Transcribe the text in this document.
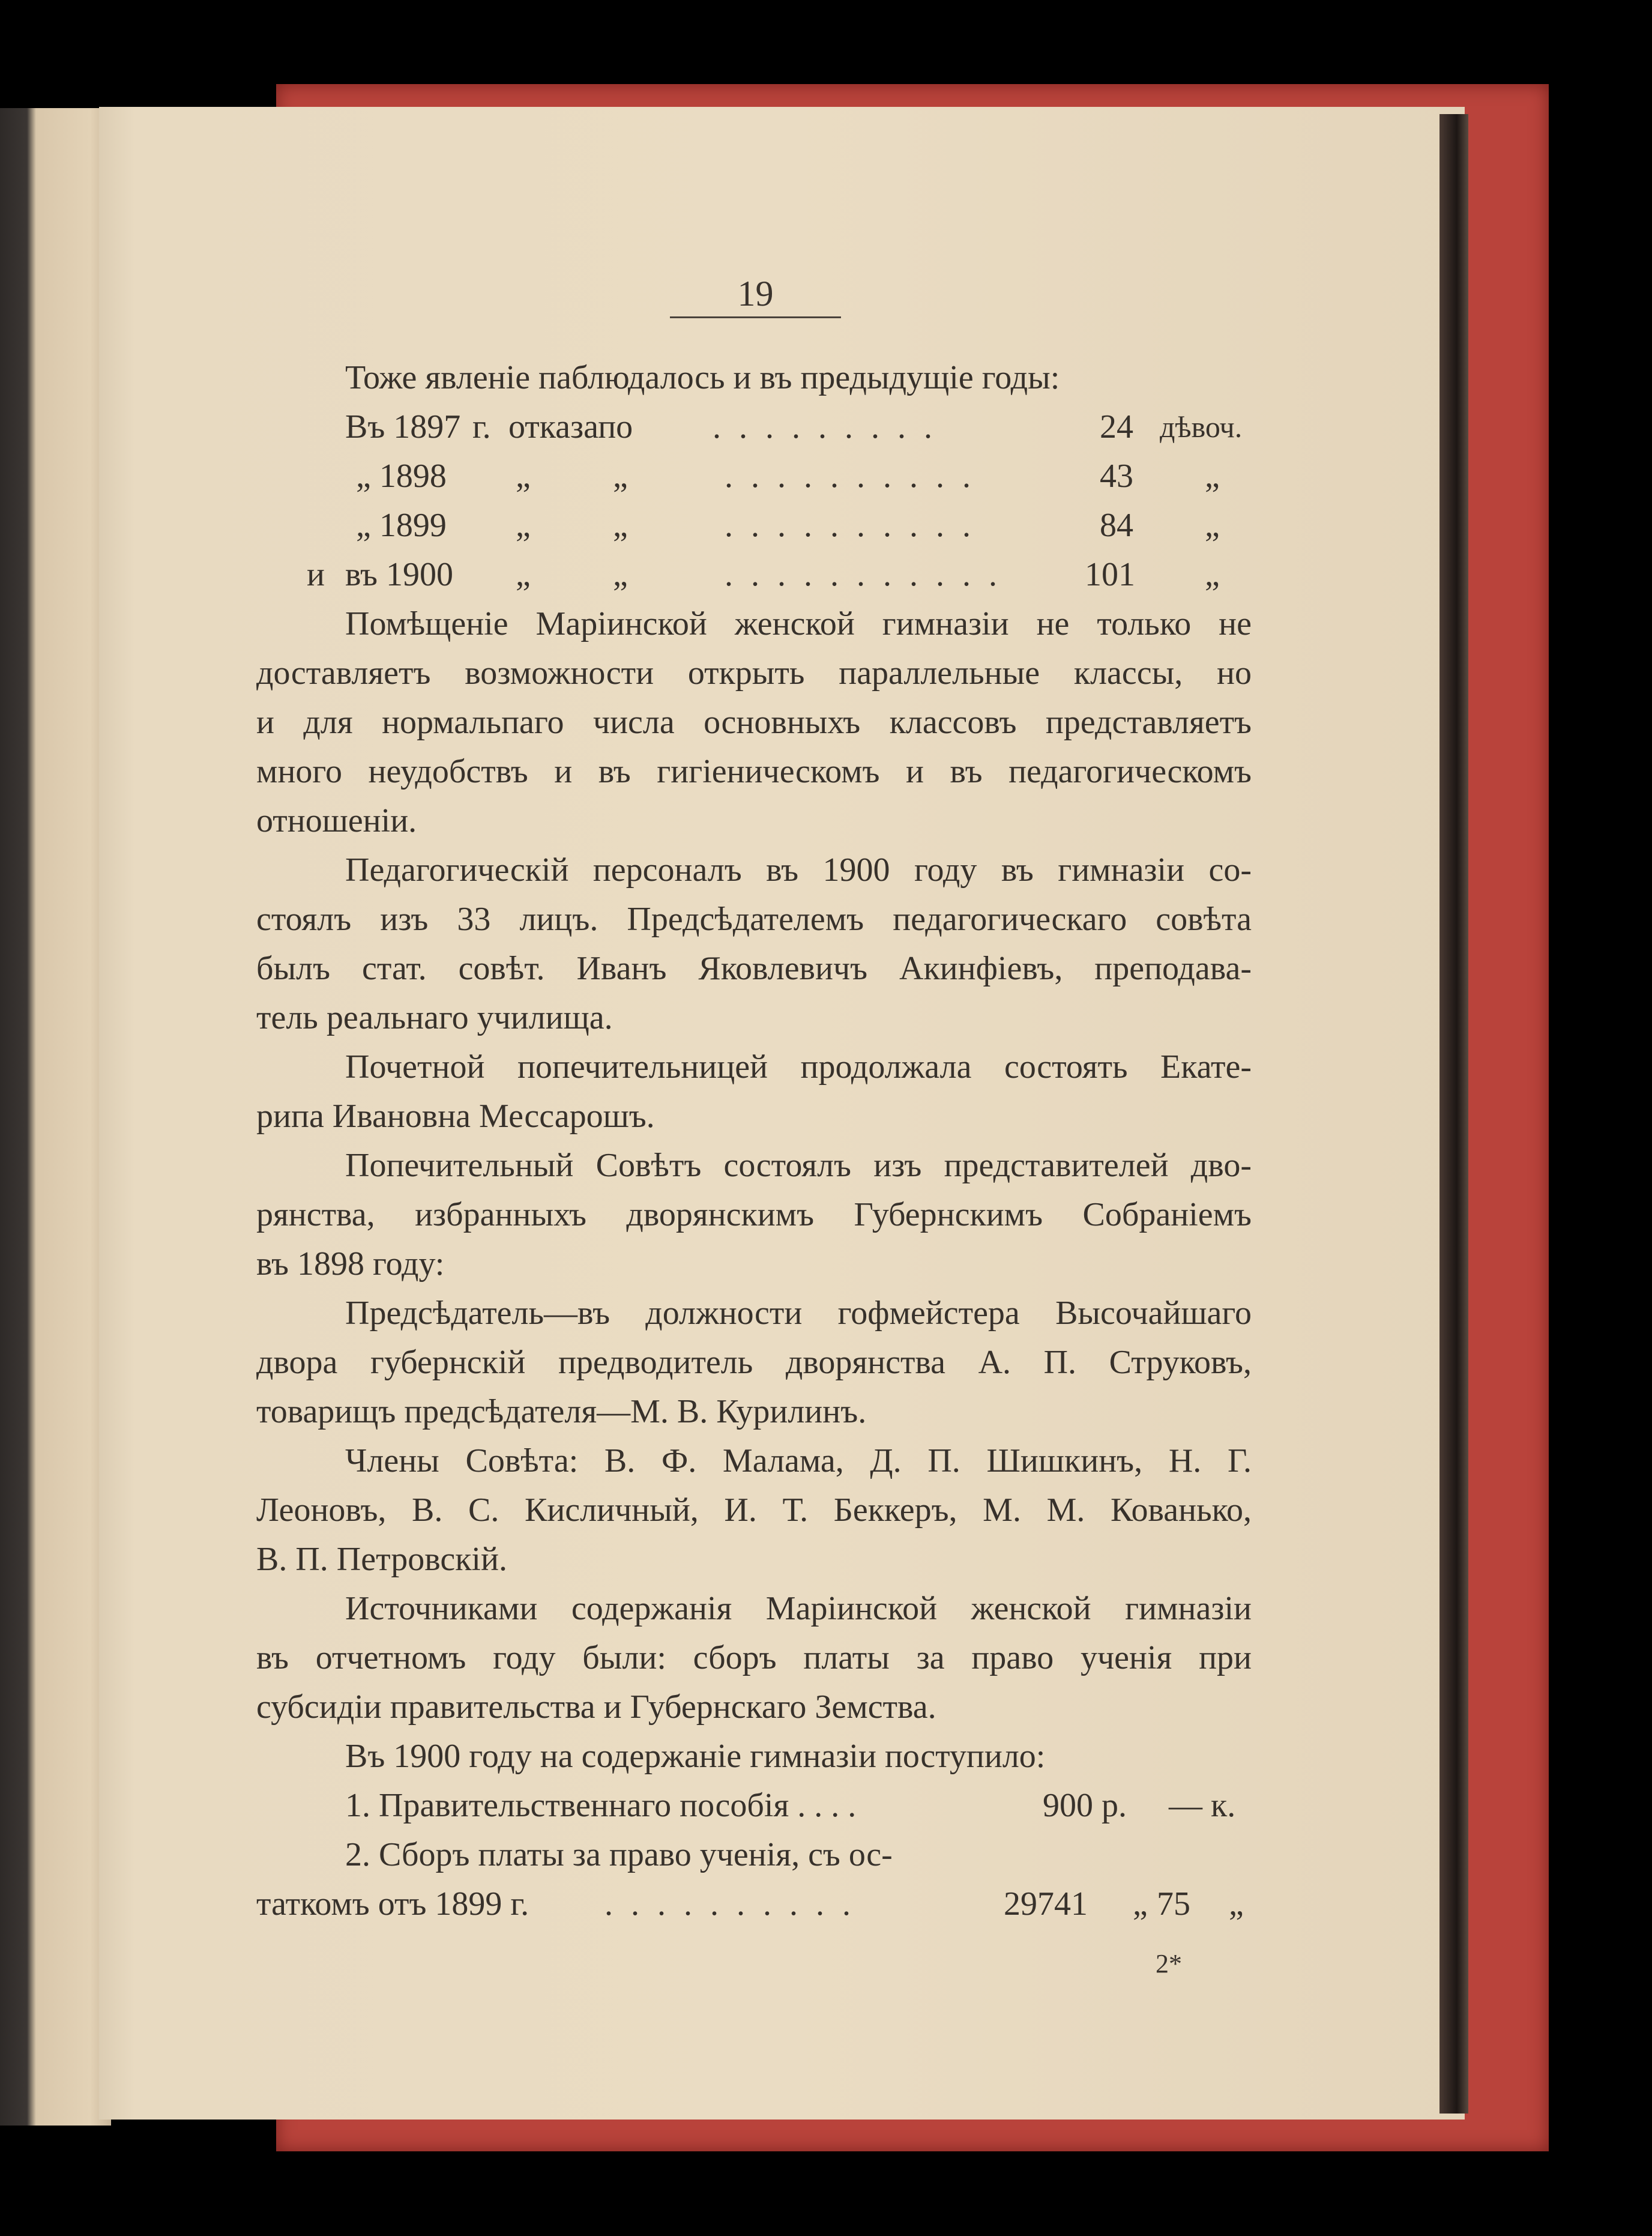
19
Тоже явленіе паблюдалось и въ предыдущіе годы:
Въ 1897 г. отказапо . . . . . . . . .	24 дѣвоч.
„ 1898 „ „	. . . . . . . . . .	43 „
„ 1899 „ „	. . . . . . . . . .	84 „
и въ 1900 „ „	. . . . . . . . . . . 101 „
Помѣщеніе Маріинской женской гимназіи не только не
доставляетъ возможности открыть параллельные классы, но
и для нормальпаго числа основныхъ классовъ представляетъ
много неудобствъ и въ гигіеническомъ и въ педагогическомъ
отношеніи.
Педагогическій персоналъ въ 1900 году въ гимназіи со-
стоялъ изъ 33 лицъ. Предсѣдателемъ педагогическаго совѣта
былъ стат. совѣт. Иванъ Яковлевичъ Акинфіевъ, преподава-
тель реальнаго училища.
Почетной попечительницей продолжала состоять Екате-
рипа Ивановна Мессарошъ.
Попечительный Совѣтъ состоялъ изъ представителей дво-
рянства, избранныхъ дворянскимъ Губернскимъ Собраніемъ
въ 1898 году:
Предсѣдатель—въ должности гофмейстера Высочайшаго
двора губернскій предводитель дворянства А. П. Струковъ,
товарищъ предсѣдателя—М. В. Курилинъ.
Члены Совѣта: В. Ф. Малама, Д. П. Шишкинъ, Н. Г.
Леоновъ, В. С. Кисличный, И. Т. Беккеръ, М. М. Кованько,
В. П. Петровскій.
Источниками содержанія Маріинской женской гимназіи
въ отчетномъ году были: сборъ платы за право ученія при
субсидіи правительства и Губернскаго Земства.
Въ 1900 году на содержаніе гимназіи поступило:
1. Правительственнаго пособія . . . .	900 р. — к.
2. Сборъ платы за право ученія, съ ос-
таткомъ отъ 1899 г. . . . . . . . . . .	29741 „ 75 „
2*
